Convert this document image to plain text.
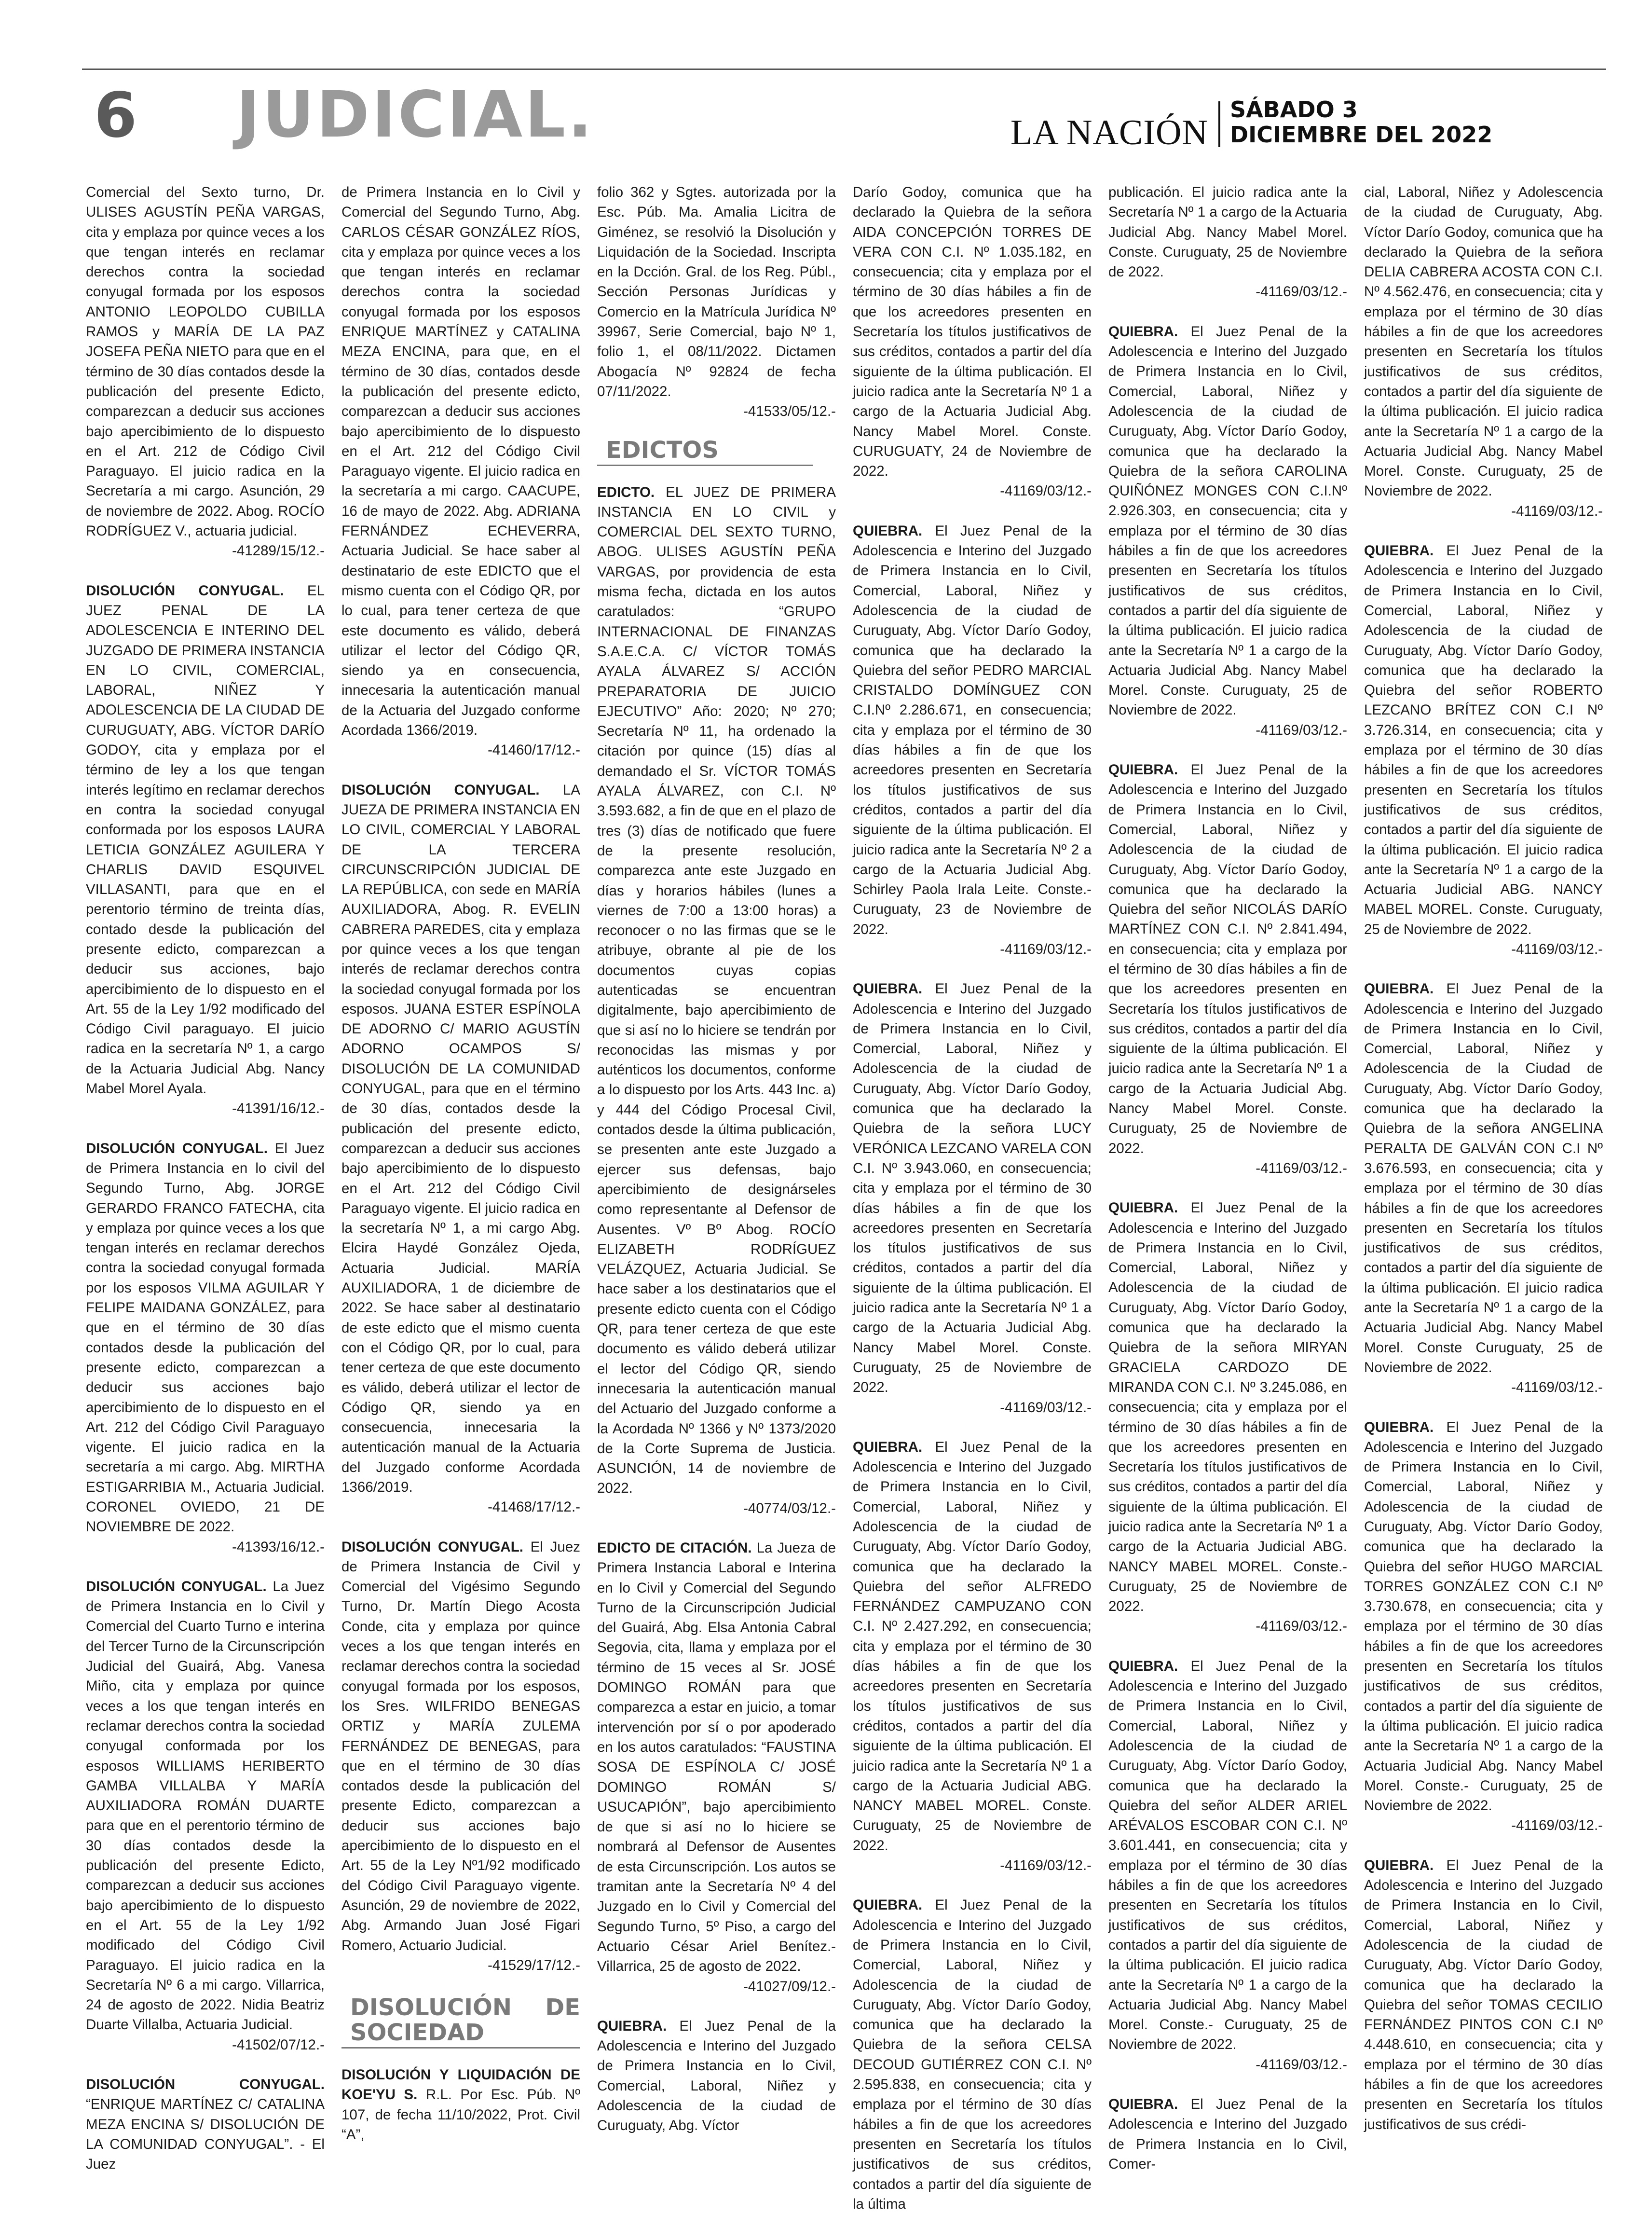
6 JUDICIAL.	LA NACIÓN
SÁBADO 3
DICIEMBRE DEL 2022

Comercial del Sexto turno, Dr. ULISES AGUSTÍN PEÑA VARGAS, cita y emplaza por quince veces a los que tengan interés en reclamar derechos contra la sociedad conyugal formada por los esposos ANTONIO LEOPOLDO CUBILLA RAMOS y MARÍA DE LA PAZ JOSEFA PEÑA NIETO para que en el término de 30 días contados desde la publicación del presente Edicto, comparezcan a deducir sus acciones bajo apercibimiento de lo dispuesto en el Art. 212 de Código Civil Paraguayo. El juicio radica en la Secretaría a mi cargo. Asunción, 29 de noviembre de 2022. Abog. ROCÍO RODRÍGUEZ V., actuaria judicial.
-41289/15/12.-

DISOLUCIÓN CONYUGAL. EL JUEZ PENAL DE LA ADOLESCENCIA E INTERINO DEL JUZGADO DE PRIMERA INSTANCIA EN LO CIVIL, COMERCIAL, LABORAL, NIÑEZ Y ADOLESCENCIA DE LA CIUDAD DE CURUGUATY, ABG. VÍCTOR DARÍO GODOY, cita y emplaza por el término de ley a los que tengan interés legítimo en reclamar derechos en contra la sociedad conyugal conformada por los esposos LAURA LETICIA GONZÁLEZ AGUILERA Y CHARLIS DAVID ESQUIVEL VILLASANTI, para que en el perentorio término de treinta días, contado desde la publicación del presente edicto, comparezcan a deducir sus acciones, bajo apercibimiento de lo dispuesto en el Art. 55 de la Ley 1/92 modificado del Código Civil paraguayo. El juicio radica en la secretaría Nº 1, a cargo de la Actuaria Judicial Abg. Nancy Mabel Morel Ayala.
-41391/16/12.-

DISOLUCIÓN CONYUGAL. El Juez de Primera Instancia en lo civil del Segundo Turno, Abg. JORGE GERARDO FRANCO FATECHA, cita y emplaza por quince veces a los que tengan interés en reclamar derechos contra la sociedad conyugal formada por los esposos VILMA AGUILAR Y FELIPE MAIDANA GONZÁLEZ, para que en el término de 30 días contados desde la publicación del presente edicto, comparezcan a deducir sus acciones bajo apercibimiento de lo dispuesto en el Art. 212 del Código Civil Paraguayo vigente. El juicio radica en la secretaría a mi cargo. Abg. MIRTHA ESTIGARRIBIA M., Actuaria Judicial. CORONEL OVIEDO, 21 DE NOVIEMBRE DE 2022.
-41393/16/12.-

DISOLUCIÓN CONYUGAL. La Juez de Primera Instancia en lo Civil y Comercial del Cuarto Turno e interina del Tercer Turno de la Circunscripción Judicial del Guairá, Abg. Vanesa Miño, cita y emplaza por quince veces a los que tengan interés en reclamar derechos contra la sociedad conyugal conformada por los esposos WILLIAMS HERIBERTO GAMBA VILLALBA Y MARÍA AUXILIADORA ROMÁN DUARTE para que en el perentorio término de 30 días contados desde la publicación del presente Edicto, comparezcan a deducir sus acciones bajo apercibimiento de lo dispuesto en el Art. 55 de la Ley 1/92 modificado del Código Civil Paraguayo. El juicio radica en la Secretaría Nº 6 a mi cargo. Villarrica, 24 de agosto de 2022. Nidia Beatriz Duarte Villalba, Actuaria Judicial.
-41502/07/12.-

DISOLUCIÓN CONYUGAL. “ENRIQUE MARTÍNEZ C/ CATALINA MEZA ENCINA S/ DISOLUCIÓN DE LA COMUNIDAD CONYUGAL”. - El Juez

de Primera Instancia en lo Civil y Comercial del Segundo Turno, Abg. CARLOS CÉSAR GONZÁLEZ RÍOS, cita y emplaza por quince veces a los que tengan interés en reclamar derechos contra la sociedad conyugal formada por los esposos ENRIQUE MARTÍNEZ y CATALINA MEZA ENCINA, para que, en el término de 30 días, contados desde la publicación del presente edicto, comparezcan a deducir sus acciones bajo apercibimiento de lo dispuesto en el Art. 212 del Código Civil Paraguayo vigente. El juicio radica en la secretaría a mi cargo. CAACUPE, 16 de mayo de 2022. Abg. ADRIANA FERNÁNDEZ ECHEVERRA, Actuaria Judicial. Se hace saber al destinatario de este EDICTO que el mismo cuenta con el Código QR, por lo cual, para tener certeza de que este documento es válido, deberá utilizar el lector del Código QR, siendo ya en consecuencia, innecesaria la autenticación manual de la Actuaria del Juzgado conforme Acordada 1366/2019.
-41460/17/12.-

DISOLUCIÓN CONYUGAL. LA JUEZA DE PRIMERA INSTANCIA EN LO CIVIL, COMERCIAL Y LABORAL DE LA TERCERA CIRCUNSCRIPCIÓN JUDICIAL DE LA REPÚBLICA, con sede en MARÍA AUXILIADORA, Abog. R. EVELIN CABRERA PAREDES, cita y emplaza por quince veces a los que tengan interés de reclamar derechos contra la sociedad conyugal formada por los esposos. JUANA ESTER ESPÍNOLA DE ADORNO C/ MARIO AGUSTÍN ADORNO OCAMPOS S/ DISOLUCIÓN DE LA COMUNIDAD CONYUGAL, para que en el término de 30 días, contados desde la publicación del presente edicto, comparezcan a deducir sus acciones bajo apercibimiento de lo dispuesto en el Art. 212 del Código Civil Paraguayo vigente. El juicio radica en la secretaría Nº 1, a mi cargo Abg. Elcira Haydé González Ojeda, Actuaria Judicial. MARÍA AUXILIADORA, 1 de diciembre de 2022. Se hace saber al destinatario de este edicto que el mismo cuenta con el Código QR, por lo cual, para tener certeza de que este documento es válido, deberá utilizar el lector de Código QR, siendo ya en consecuencia, innecesaria la autenticación manual de la Actuaria del Juzgado conforme Acordada 1366/2019.
-41468/17/12.-

DISOLUCIÓN CONYUGAL. El Juez de Primera Instancia de Civil y Comercial del Vigésimo Segundo Turno, Dr. Martín Diego Acosta Conde, cita y emplaza por quince veces a los que tengan interés en reclamar derechos contra la sociedad conyugal formada por los esposos, los Sres. WILFRIDO BENEGAS ORTIZ y MARÍA ZULEMA FERNÁNDEZ DE BENEGAS, para que en el término de 30 días contados desde la publicación del presente Edicto, comparezcan a deducir sus acciones bajo apercibimiento de lo dispuesto en el Art. 55 de la Ley Nº1/92 modificado del Código Civil Paraguayo vigente. Asunción, 29 de noviembre de 2022, Abg. Armando Juan José Figari Romero, Actuario Judicial.
-41529/17/12.-

DISOLUCIÓN DE SOCIEDAD

DISOLUCIÓN Y LIQUIDACIÓN DE KOE'YU S. R.L. Por Esc. Púb. Nº 107, de fecha 11/10/2022, Prot. Civil “A”,

folio 362 y Sgtes. autorizada por la Esc. Púb. Ma. Amalia Licitra de Giménez, se resolvió la Disolución y Liquidación de la Sociedad. Inscripta en la Dcción. Gral. de los Reg. Públ., Sección Personas Jurídicas y Comercio en la Matrícula Jurídica Nº 39967, Serie Comercial, bajo Nº 1, folio 1, el 08/11/2022. Dictamen Abogacía Nº 92824 de fecha 07/11/2022.
-41533/05/12.-

EDICTOS

EDICTO. EL JUEZ DE PRIMERA INSTANCIA EN LO CIVIL y COMERCIAL DEL SEXTO TURNO, ABOG. ULISES AGUSTÍN PEÑA VARGAS, por providencia de esta misma fecha, dictada en los autos caratulados: “GRUPO INTERNACIONAL DE FINANZAS S.A.E.C.A. C/ VÍCTOR TOMÁS AYALA ÁLVAREZ S/ ACCIÓN PREPARATORIA DE JUICIO EJECUTIVO” Año: 2020; Nº 270; Secretaría Nº 11, ha ordenado la citación por quince (15) días al demandado el Sr. VÍCTOR TOMÁS AYALA ÁLVAREZ, con C.I. Nº 3.593.682, a fin de que en el plazo de tres (3) días de notificado que fuere de la presente resolución, comparezca ante este Juzgado en días y horarios hábiles (lunes a viernes de 7:00 a 13:00 horas) a reconocer o no las firmas que se le atribuye, obrante al pie de los documentos cuyas copias autenticadas se encuentran digitalmente, bajo apercibimiento de que si así no lo hiciere se tendrán por reconocidas las mismas y por auténticos los documentos, conforme a lo dispuesto por los Arts. 443 Inc. a) y 444 del Código Procesal Civil, contados desde la última publicación, se presenten ante este Juzgado a ejercer sus defensas, bajo apercibimiento de designárseles como representante al Defensor de Ausentes. Vº Bº Abog. ROCÍO ELIZABETH RODRÍGUEZ VELÁZQUEZ, Actuaria Judicial. Se hace saber a los destinatarios que el presente edicto cuenta con el Código QR, para tener certeza de que este documento es válido deberá utilizar el lector del Código QR, siendo innecesaria la autenticación manual del Actuario del Juzgado conforme a la Acordada Nº 1366 y Nº 1373/2020 de la Corte Suprema de Justicia. ASUNCIÓN, 14 de noviembre de 2022.
-40774/03/12.-

EDICTO DE CITACIÓN. La Jueza de Primera Instancia Laboral e Interina en lo Civil y Comercial del Segundo Turno de la Circunscripción Judicial del Guairá, Abg. Elsa Antonia Cabral Segovia, cita, llama y emplaza por el término de 15 veces al Sr. JOSÉ DOMINGO ROMÁN para que comparezca a estar en juicio, a tomar intervención por sí o por apoderado en los autos caratulados: “FAUSTINA SOSA DE ESPÍNOLA C/ JOSÉ DOMINGO ROMÁN S/ USUCAPIÓN”, bajo apercibimiento de que si así no lo hiciere se nombrará al Defensor de Ausentes de esta Circunscripción. Los autos se tramitan ante la Secretaría Nº 4 del Juzgado en lo Civil y Comercial del Segundo Turno, 5º Piso, a cargo del Actuario César Ariel Benítez.- Villarrica, 25 de agosto de 2022.
-41027/09/12.-

QUIEBRA. El Juez Penal de la Adolescencia e Interino del Juzgado de Primera Instancia en lo Civil, Comercial, Laboral, Niñez y Adolescencia de la ciudad de Curuguaty, Abg. Víctor

Darío Godoy, comunica que ha declarado la Quiebra de la señora AIDA CONCEPCIÓN TORRES DE VERA CON C.I. Nº 1.035.182, en consecuencia; cita y emplaza por el término de 30 días hábiles a fin de que los acreedores presenten en Secretaría los títulos justificativos de sus créditos, contados a partir del día siguiente de la última publicación. El juicio radica ante la Secretaría Nº 1 a cargo de la Actuaria Judicial Abg. Nancy Mabel Morel. Conste. CURUGUATY, 24 de Noviembre de 2022.
-41169/03/12.-

QUIEBRA. El Juez Penal de la Adolescencia e Interino del Juzgado de Primera Instancia en lo Civil, Comercial, Laboral, Niñez y Adolescencia de la ciudad de Curuguaty, Abg. Víctor Darío Godoy, comunica que ha declarado la Quiebra del señor PEDRO MARCIAL CRISTALDO DOMÍNGUEZ CON C.I.Nº 2.286.671, en consecuencia; cita y emplaza por el término de 30 días hábiles a fin de que los acreedores presenten en Secretaría los títulos justificativos de sus créditos, contados a partir del día siguiente de la última publicación. El juicio radica ante la Secretaría Nº 2 a cargo de la Actuaria Judicial Abg. Schirley Paola Irala Leite. Conste.- Curuguaty, 23 de Noviembre de 2022.
-41169/03/12.-

QUIEBRA. El Juez Penal de la Adolescencia e Interino del Juzgado de Primera Instancia en lo Civil, Comercial, Laboral, Niñez y Adolescencia de la ciudad de Curuguaty, Abg. Víctor Darío Godoy, comunica que ha declarado la Quiebra de la señora LUCY VERÓNICA LEZCANO VARELA CON C.I. Nº 3.943.060, en consecuencia; cita y emplaza por el término de 30 días hábiles a fin de que los acreedores presenten en Secretaría los títulos justificativos de sus créditos, contados a partir del día siguiente de la última publicación. El juicio radica ante la Secretaría Nº 1 a cargo de la Actuaria Judicial Abg. Nancy Mabel Morel. Conste. Curuguaty, 25 de Noviembre de 2022.
-41169/03/12.-

QUIEBRA. El Juez Penal de la Adolescencia e Interino del Juzgado de Primera Instancia en lo Civil, Comercial, Laboral, Niñez y Adolescencia de la ciudad de Curuguaty, Abg. Víctor Darío Godoy, comunica que ha declarado la Quiebra del señor ALFREDO FERNÁNDEZ CAMPUZANO CON C.I. Nº 2.427.292, en consecuencia; cita y emplaza por el término de 30 días hábiles a fin de que los acreedores presenten en Secretaría los títulos justificativos de sus créditos, contados a partir del día siguiente de la última publicación. El juicio radica ante la Secretaría Nº 1 a cargo de la Actuaria Judicial ABG. NANCY MABEL MOREL. Conste. Curuguaty, 25 de Noviembre de 2022.
-41169/03/12.-

QUIEBRA. El Juez Penal de la Adolescencia e Interino del Juzgado de Primera Instancia en lo Civil, Comercial, Laboral, Niñez y Adolescencia de la ciudad de Curuguaty, Abg. Víctor Darío Godoy, comunica que ha declarado la Quiebra de la señora CELSA DECOUD GUTIÉRREZ CON C.I. Nº 2.595.838, en consecuencia; cita y emplaza por el término de 30 días hábiles a fin de que los acreedores presenten en Secretaría los títulos justificativos de sus créditos, contados a partir del día siguiente de la última

publicación. El juicio radica ante la Secretaría Nº 1 a cargo de la Actuaria Judicial Abg. Nancy Mabel Morel. Conste. Curuguaty, 25 de Noviembre de 2022.
-41169/03/12.-

QUIEBRA. El Juez Penal de la Adolescencia e Interino del Juzgado de Primera Instancia en lo Civil, Comercial, Laboral, Niñez y Adolescencia de la ciudad de Curuguaty, Abg. Víctor Darío Godoy, comunica que ha declarado la Quiebra de la señora CAROLINA QUIÑÓNEZ MONGES CON C.I.Nº 2.926.303, en consecuencia; cita y emplaza por el término de 30 días hábiles a fin de que los acreedores presenten en Secretaría los títulos justificativos de sus créditos, contados a partir del día siguiente de la última publicación. El juicio radica ante la Secretaría Nº 1 a cargo de la Actuaria Judicial Abg. Nancy Mabel Morel. Conste. Curuguaty, 25 de Noviembre de 2022.
-41169/03/12.-

QUIEBRA. El Juez Penal de la Adolescencia e Interino del Juzgado de Primera Instancia en lo Civil, Comercial, Laboral, Niñez y Adolescencia de la ciudad de Curuguaty, Abg. Víctor Darío Godoy, comunica que ha declarado la Quiebra del señor NICOLÁS DARÍO MARTÍNEZ CON C.I. Nº 2.841.494, en consecuencia; cita y emplaza por el término de 30 días hábiles a fin de que los acreedores presenten en Secretaría los títulos justificativos de sus créditos, contados a partir del día siguiente de la última publicación. El juicio radica ante la Secretaría Nº 1 a cargo de la Actuaria Judicial Abg. Nancy Mabel Morel. Conste. Curuguaty, 25 de Noviembre de 2022.
-41169/03/12.-

QUIEBRA. El Juez Penal de la Adolescencia e Interino del Juzgado de Primera Instancia en lo Civil, Comercial, Laboral, Niñez y Adolescencia de la ciudad de Curuguaty, Abg. Víctor Darío Godoy, comunica que ha declarado la Quiebra de la señora MIRYAN GRACIELA CARDOZO DE MIRANDA CON C.I. Nº 3.245.086, en consecuencia; cita y emplaza por el término de 30 días hábiles a fin de que los acreedores presenten en Secretaría los títulos justificativos de sus créditos, contados a partir del día siguiente de la última publicación. El juicio radica ante la Secretaría Nº 1 a cargo de la Actuaria Judicial ABG. NANCY MABEL MOREL. Conste.- Curuguaty, 25 de Noviembre de 2022.
-41169/03/12.-

QUIEBRA. El Juez Penal de la Adolescencia e Interino del Juzgado de Primera Instancia en lo Civil, Comercial, Laboral, Niñez y Adolescencia de la ciudad de Curuguaty, Abg. Víctor Darío Godoy, comunica que ha declarado la Quiebra del señor ALDER ARIEL ARÉVALOS ESCOBAR CON C.I. Nº 3.601.441, en consecuencia; cita y emplaza por el término de 30 días hábiles a fin de que los acreedores presenten en Secretaría los títulos justificativos de sus créditos, contados a partir del día siguiente de la última publicación. El juicio radica ante la Secretaría Nº 1 a cargo de la Actuaria Judicial Abg. Nancy Mabel Morel. Conste.- Curuguaty, 25 de Noviembre de 2022.
-41169/03/12.-

QUIEBRA. El Juez Penal de la Adolescencia e Interino del Juzgado de Primera Instancia en lo Civil, Comer-

cial, Laboral, Niñez y Adolescencia de la ciudad de Curuguaty, Abg. Víctor Darío Godoy, comunica que ha declarado la Quiebra de la señora DELIA CABRERA ACOSTA CON C.I. Nº 4.562.476, en consecuencia; cita y emplaza por el término de 30 días hábiles a fin de que los acreedores presenten en Secretaría los títulos justificativos de sus créditos, contados a partir del día siguiente de la última publicación. El juicio radica ante la Secretaría Nº 1 a cargo de la Actuaria Judicial Abg. Nancy Mabel Morel. Conste. Curuguaty, 25 de Noviembre de 2022.
-41169/03/12.-

QUIEBRA. El Juez Penal de la Adolescencia e Interino del Juzgado de Primera Instancia en lo Civil, Comercial, Laboral, Niñez y Adolescencia de la ciudad de Curuguaty, Abg. Víctor Darío Godoy, comunica que ha declarado la Quiebra del señor ROBERTO LEZCANO BRÍTEZ CON C.I Nº 3.726.314, en consecuencia; cita y emplaza por el término de 30 días hábiles a fin de que los acreedores presenten en Secretaría los títulos justificativos de sus créditos, contados a partir del día siguiente de la última publicación. El juicio radica ante la Secretaría Nº 1 a cargo de la Actuaria Judicial ABG. NANCY MABEL MOREL. Conste. Curuguaty, 25 de Noviembre de 2022.
-41169/03/12.-

QUIEBRA. El Juez Penal de la Adolescencia e Interino del Juzgado de Primera Instancia en lo Civil, Comercial, Laboral, Niñez y Adolescencia de la Ciudad de Curuguaty, Abg. Víctor Darío Godoy, comunica que ha declarado la Quiebra de la señora ANGELINA PERALTA DE GALVÁN CON C.I Nº 3.676.593, en consecuencia; cita y emplaza por el término de 30 días hábiles a fin de que los acreedores presenten en Secretaría los títulos justificativos de sus créditos, contados a partir del día siguiente de la última publicación. El juicio radica ante la Secretaría Nº 1 a cargo de la Actuaria Judicial Abg. Nancy Mabel Morel. Conste Curuguaty, 25 de Noviembre de 2022.
-41169/03/12.-

QUIEBRA. El Juez Penal de la Adolescencia e Interino del Juzgado de Primera Instancia en lo Civil, Comercial, Laboral, Niñez y Adolescencia de la ciudad de Curuguaty, Abg. Víctor Darío Godoy, comunica que ha declarado la Quiebra del señor HUGO MARCIAL TORRES GONZÁLEZ CON C.I Nº 3.730.678, en consecuencia; cita y emplaza por el término de 30 días hábiles a fin de que los acreedores presenten en Secretaría los títulos justificativos de sus créditos, contados a partir del día siguiente de la última publicación. El juicio radica ante la Secretaría Nº 1 a cargo de la Actuaria Judicial Abg. Nancy Mabel Morel. Conste.- Curuguaty, 25 de Noviembre de 2022.
-41169/03/12.-

QUIEBRA. El Juez Penal de la Adolescencia e Interino del Juzgado de Primera Instancia en lo Civil, Comercial, Laboral, Niñez y Adolescencia de la ciudad de Curuguaty, Abg. Víctor Darío Godoy, comunica que ha declarado la Quiebra del señor TOMAS CECILIO FERNÁNDEZ PINTOS CON C.I Nº 4.448.610, en consecuencia; cita y emplaza por el término de 30 días hábiles a fin de que los acreedores presenten en Secretaría los títulos justificativos de sus crédi-
